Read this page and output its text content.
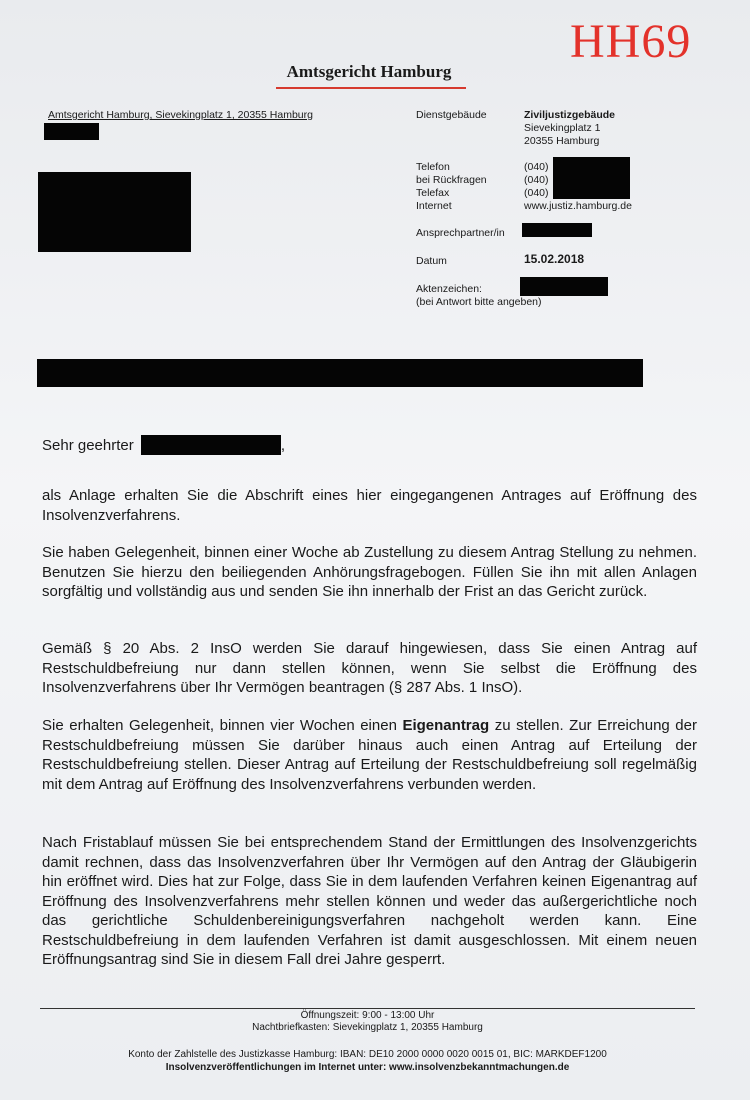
HH69
Amtsgericht Hamburg
Amtsgericht Hamburg, Sievekingplatz 1, 20355 Hamburg	Dienstgebäude	Ziviljustizgebäude
Sievekingplatz 1
20355 Hamburg
Telefon	(040)
bei Rückfragen	(040)
Telefax	(040)
Internet	www.justiz.hamburg.de
Ansprechpartner/in
Datum	15.02.2018
Aktenzeichen:
(bei Antwort bitte angeben)
Sehr geehrter	,

als Anlage erhalten Sie die Abschrift eines hier eingegangenen Antrages auf Eröffnung des Insolvenzverfahrens.

Sie haben Gelegenheit, binnen einer Woche ab Zustellung zu diesem Antrag Stellung zu nehmen. Benutzen Sie hierzu den beiliegenden Anhörungsfragebogen. Füllen Sie ihn mit allen Anlagen sorgfältig und vollständig aus und senden Sie ihn innerhalb der Frist an das Gericht zurück.

Gemäß § 20 Abs. 2 InsO werden Sie darauf hingewiesen, dass Sie einen Antrag auf Restschuldbefreiung nur dann stellen können, wenn Sie selbst die Eröffnung des Insolvenzverfahrens über Ihr Vermögen beantragen (§ 287 Abs. 1 InsO).

Sie erhalten Gelegenheit, binnen vier Wochen einen Eigenantrag zu stellen. Zur Erreichung der Restschuldbefreiung müssen Sie darüber hinaus auch einen Antrag auf Erteilung der Restschuldbefreiung stellen. Dieser Antrag auf Erteilung der Restschuldbefreiung soll regelmäßig mit dem Antrag auf Eröffnung des Insolvenzverfahrens verbunden werden.

Nach Fristablauf müssen Sie bei entsprechendem Stand der Ermittlungen des Insolvenzgerichts damit rechnen, dass das Insolvenzverfahren über Ihr Vermögen auf den Antrag der Gläubigerin hin eröffnet wird. Dies hat zur Folge, dass Sie in dem laufenden Verfahren keinen Eigenantrag auf Eröffnung des Insolvenzverfahrens mehr stellen können und weder das außergerichtliche noch das gerichtliche Schuldenbereinigungsverfahren nachgeholt werden kann. Eine Restschuldbefreiung in dem laufenden Verfahren ist damit ausgeschlossen. Mit einem neuen Eröffnungsantrag sind Sie in diesem Fall drei Jahre gesperrt.

Öffnungszeit: 9:00 - 13:00 Uhr
Nachtbriefkasten: Sievekingplatz 1, 20355 Hamburg
Konto der Zahlstelle des Justizkasse Hamburg: IBAN: DE10 2000 0000 0020 0015 01, BIC: MARKDEF1200
Insolvenzveröffentlichungen im Internet unter: www.insolvenzbekanntmachungen.de
